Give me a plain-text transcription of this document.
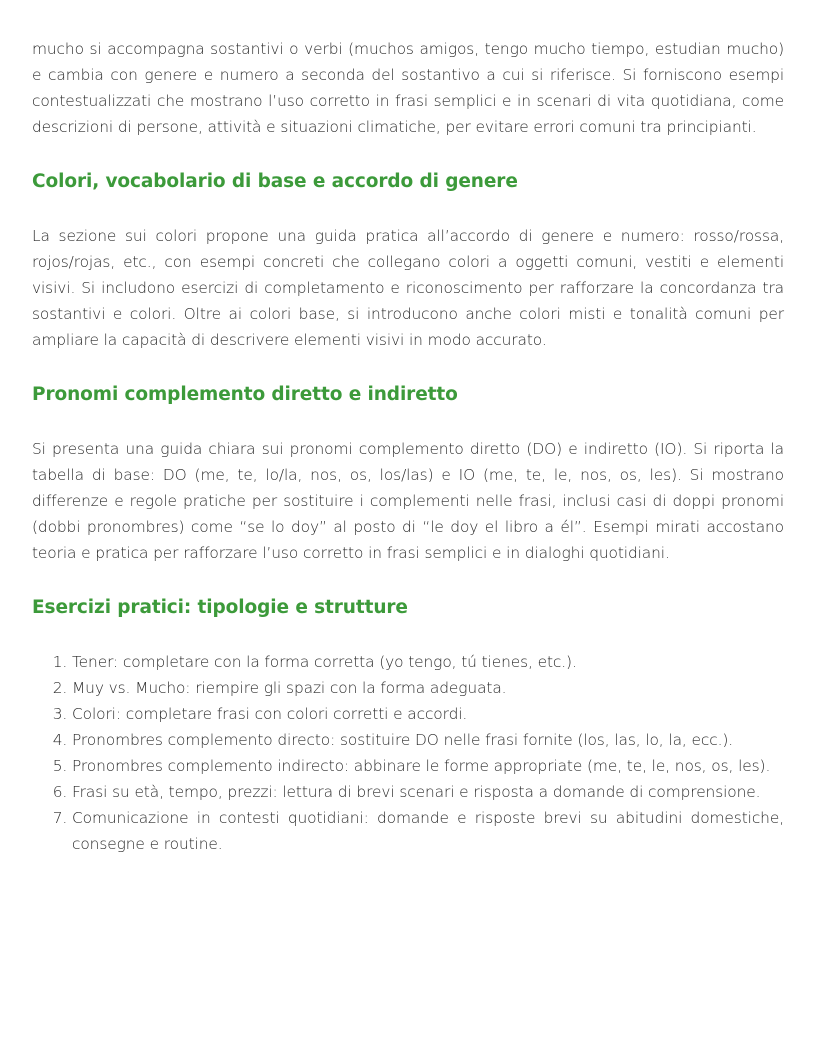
mucho si accompagna sostantivi o verbi (muchos amigos, tengo mucho tiempo, estudian mucho) e cambia con genere e numero a seconda del sostantivo a cui si riferisce. Si forniscono esempi contestualizzati che mostrano l’uso corretto in frasi semplici e in scenari di vita quotidiana, come descrizioni di persone, attività e situazioni climatiche, per evitare errori comuni tra principianti.

Colori, vocabolario di base e accordo di genere

La sezione sui colori propone una guida pratica all’accordo di genere e numero: rosso/rossa, rojos/rojas, etc., con esempi concreti che collegano colori a oggetti comuni, vestiti e elementi visivi. Si includono esercizi di completamento e riconoscimento per rafforzare la concordanza tra sostantivi e colori. Oltre ai colori base, si introducono anche colori misti e tonalità comuni per ampliare la capacità di descrivere elementi visivi in modo accurato.

Pronomi complemento diretto e indiretto

Si presenta una guida chiara sui pronomi complemento diretto (DO) e indiretto (IO). Si riporta la tabella di base: DO (me, te, lo/la, nos, os, los/las) e IO (me, te, le, nos, os, les). Si mostrano differenze e regole pratiche per sostituire i complementi nelle frasi, inclusi casi di doppi pronomi (dobbi pronombres) come “se lo doy” al posto di “le doy el libro a él”. Esempi mirati accostano teoria e pratica per rafforzare l’uso corretto in frasi semplici e in dialoghi quotidiani.

Esercizi pratici: tipologie e strutture
1. Tener: completare con la forma corretta (yo tengo, tú tienes, etc.).
2. Muy vs. Mucho: riempire gli spazi con la forma adeguata.
3. Colori: completare frasi con colori corretti e accordi.
4. Pronombres complemento directo: sostituire DO nelle frasi fornite (los, las, lo, la, ecc.).
5. Pronombres complemento indirecto: abbinare le forme appropriate (me, te, le, nos, os, les).
6. Frasi su età, tempo, prezzi: lettura di brevi scenari e risposta a domande di comprensione.
7. Comunicazione in contesti quotidiani: domande e risposte brevi su abitudini domestiche, consegne e routine.
